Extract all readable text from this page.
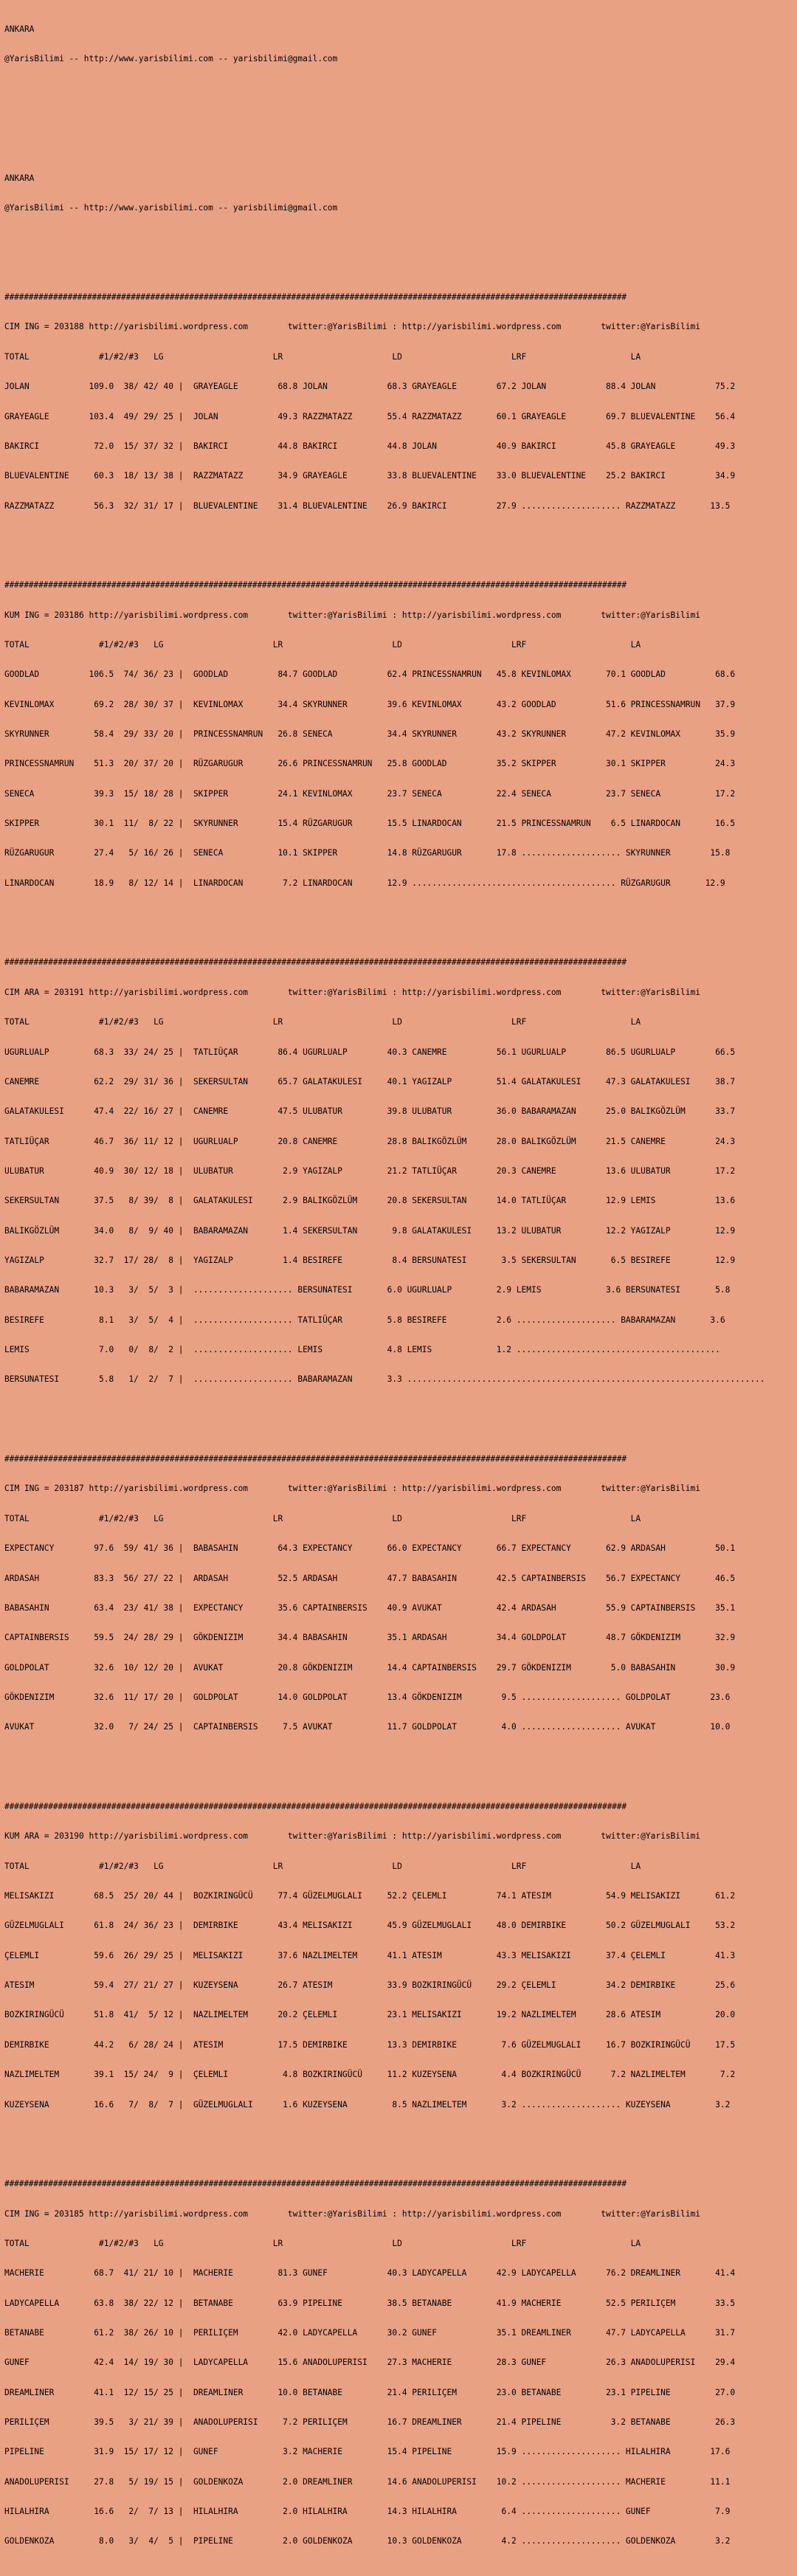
ANKARA

@YarisBilimi -- http://www.yarisbilimi.com -- yarisbilimi@gmail.com

ANKARA

@YarisBilimi -- http://www.yarisbilimi.com -- yarisbilimi@gmail.com

################################################################################################################################

CIM ING = 203188 http://yarisbilimi.wordpress.com        twitter:@YarisBilimi : http://yarisbilimi.wordpress.com        twitter:@YarisBilimi

TOTAL              #1/#2/#3   LG                      LR                      LD                      LRF                     LA

JOLAN            109.0  38/ 42/ 40 |  GRAYEAGLE        68.8 JOLAN            68.3 GRAYEAGLE        67.2 JOLAN            88.4 JOLAN            75.2

GRAYEAGLE        103.4  49/ 29/ 25 |  JOLAN            49.3 RAZZMATAZZ       55.4 RAZZMATAZZ       60.1 GRAYEAGLE        69.7 BLUEVALENTINE    56.4

BAKIRCI           72.0  15/ 37/ 32 |  BAKIRCI          44.8 BAKIRCI          44.8 JOLAN            40.9 BAKIRCI          45.8 GRAYEAGLE        49.3

BLUEVALENTINE     60.3  18/ 13/ 38 |  RAZZMATAZZ       34.9 GRAYEAGLE        33.8 BLUEVALENTINE    33.0 BLUEVALENTINE    25.2 BAKIRCI          34.9

RAZZMATAZZ        56.3  32/ 31/ 17 |  BLUEVALENTINE    31.4 BLUEVALENTINE    26.9 BAKIRCI          27.9 .................... RAZZMATAZZ       13.5

################################################################################################################################

KUM ING = 203186 http://yarisbilimi.wordpress.com        twitter:@YarisBilimi : http://yarisbilimi.wordpress.com        twitter:@YarisBilimi

TOTAL              #1/#2/#3   LG                      LR                      LD                      LRF                     LA

GOODLAD          106.5  74/ 36/ 23 |  GOODLAD          84.7 GOODLAD          62.4 PRINCESSNAMRUN   45.8 KEVINLOMAX       70.1 GOODLAD          68.6

KEVINLOMAX        69.2  28/ 30/ 37 |  KEVINLOMAX       34.4 SKYRUNNER        39.6 KEVINLOMAX       43.2 GOODLAD          51.6 PRINCESSNAMRUN   37.9

SKYRUNNER         58.4  29/ 33/ 20 |  PRINCESSNAMRUN   26.8 SENECA           34.4 SKYRUNNER        43.2 SKYRUNNER        47.2 KEVINLOMAX       35.9

PRINCESSNAMRUN    51.3  20/ 37/ 20 |  RÜZGARUGUR       26.6 PRINCESSNAMRUN   25.8 GOODLAD          35.2 SKIPPER          30.1 SKIPPER          24.3

SENECA            39.3  15/ 18/ 28 |  SKIPPER          24.1 KEVINLOMAX       23.7 SENECA           22.4 SENECA           23.7 SENECA           17.2

SKIPPER           30.1  11/  8/ 22 |  SKYRUNNER        15.4 RÜZGARUGUR       15.5 LINARDOCAN       21.5 PRINCESSNAMRUN    6.5 LINARDOCAN       16.5

RÜZGARUGUR        27.4   5/ 16/ 26 |  SENECA           10.1 SKIPPER          14.8 RÜZGARUGUR       17.8 .................... SKYRUNNER        15.8

LINARDOCAN        18.9   8/ 12/ 14 |  LINARDOCAN        7.2 LINARDOCAN       12.9 ......................................... RÜZGARUGUR       12.9

################################################################################################################################

CIM ARA = 203191 http://yarisbilimi.wordpress.com        twitter:@YarisBilimi : http://yarisbilimi.wordpress.com        twitter:@YarisBilimi

TOTAL              #1/#2/#3   LG                      LR                      LD                      LRF                     LA

UGURLUALP         68.3  33/ 24/ 25 |  TATLIÜÇAR        86.4 UGURLUALP        40.3 CANEMRE          56.1 UGURLUALP        86.5 UGURLUALP        66.5

CANEMRE           62.2  29/ 31/ 36 |  SEKERSULTAN      65.7 GALATAKULESI     40.1 YAGIZALP         51.4 GALATAKULESI     47.3 GALATAKULESI     38.7

GALATAKULESI      47.4  22/ 16/ 27 |  CANEMRE          47.5 ULUBATUR         39.8 ULUBATUR         36.0 BABARAMAZAN      25.0 BALIKGÖZLÜM      33.7

TATLIÜÇAR         46.7  36/ 11/ 12 |  UGURLUALP        20.8 CANEMRE          28.8 BALIKGÖZLÜM      28.0 BALIKGÖZLÜM      21.5 CANEMRE          24.3

ULUBATUR          40.9  30/ 12/ 18 |  ULUBATUR          2.9 YAGIZALP         21.2 TATLIÜÇAR        20.3 CANEMRE          13.6 ULUBATUR         17.2

SEKERSULTAN       37.5   8/ 39/  8 |  GALATAKULESI      2.9 BALIKGÖZLÜM      20.8 SEKERSULTAN      14.0 TATLIÜÇAR        12.9 LEMIS            13.6

BALIKGÖZLÜM       34.0   8/  9/ 40 |  BABARAMAZAN       1.4 SEKERSULTAN       9.8 GALATAKULESI     13.2 ULUBATUR         12.2 YAGIZALP         12.9

YAGIZALP          32.7  17/ 28/  8 |  YAGIZALP          1.4 BESIREFE          8.4 BERSUNATESI       3.5 SEKERSULTAN       6.5 BESIREFE         12.9

BABARAMAZAN       10.3   3/  5/  3 |  .................... BERSUNATESI       6.0 UGURLUALP         2.9 LEMIS             3.6 BERSUNATESI       5.8

BESIREFE           8.1   3/  5/  4 |  .................... TATLIÜÇAR         5.8 BESIREFE          2.6 .................... BABARAMAZAN       3.6

LEMIS              7.0   0/  8/  2 |  .................... LEMIS             4.8 LEMIS             1.2 .........................................

BERSUNATESI        5.8   1/  2/  7 |  .................... BABARAMAZAN       3.3 ........................................................................

################################################################################################################################

CIM ING = 203187 http://yarisbilimi.wordpress.com        twitter:@YarisBilimi : http://yarisbilimi.wordpress.com        twitter:@YarisBilimi

TOTAL              #1/#2/#3   LG                      LR                      LD                      LRF                     LA

EXPECTANCY        97.6  59/ 41/ 36 |  BABASAHIN        64.3 EXPECTANCY       66.0 EXPECTANCY       66.7 EXPECTANCY       62.9 ARDASAH          50.1

ARDASAH           83.3  56/ 27/ 22 |  ARDASAH          52.5 ARDASAH          47.7 BABASAHIN        42.5 CAPTAINBERSIS    56.7 EXPECTANCY       46.5

BABASAHIN         63.4  23/ 41/ 38 |  EXPECTANCY       35.6 CAPTAINBERSIS    40.9 AVUKAT           42.4 ARDASAH          55.9 CAPTAINBERSIS    35.1

CAPTAINBERSIS     59.5  24/ 28/ 29 |  GÖKDENIZIM       34.4 BABASAHIN        35.1 ARDASAH          34.4 GOLDPOLAT        48.7 GÖKDENIZIM       32.9

GOLDPOLAT         32.6  10/ 12/ 20 |  AVUKAT           20.8 GÖKDENIZIM       14.4 CAPTAINBERSIS    29.7 GÖKDENIZIM        5.0 BABASAHIN        30.9

GÖKDENIZIM        32.6  11/ 17/ 20 |  GOLDPOLAT        14.0 GOLDPOLAT        13.4 GÖKDENIZIM        9.5 .................... GOLDPOLAT        23.6

AVUKAT            32.0   7/ 24/ 25 |  CAPTAINBERSIS     7.5 AVUKAT           11.7 GOLDPOLAT         4.0 .................... AVUKAT           10.0

################################################################################################################################

KUM ARA = 203190 http://yarisbilimi.wordpress.com        twitter:@YarisBilimi : http://yarisbilimi.wordpress.com        twitter:@YarisBilimi

TOTAL              #1/#2/#3   LG                      LR                      LD                      LRF                     LA

MELISAKIZI        68.5  25/ 20/ 44 |  BOZKIRINGÜCÜ     77.4 GÜZELMUGLALI     52.2 ÇELEMLI          74.1 ATESIM           54.9 MELISAKIZI       61.2

GÜZELMUGLALI      61.8  24/ 36/ 23 |  DEMIRBIKE        43.4 MELISAKIZI       45.9 GÜZELMUGLALI     48.0 DEMIRBIKE        50.2 GÜZELMUGLALI     53.2

ÇELEMLI           59.6  26/ 29/ 25 |  MELISAKIZI       37.6 NAZLIMELTEM      41.1 ATESIM           43.3 MELISAKIZI       37.4 ÇELEMLI          41.3

ATESIM            59.4  27/ 21/ 27 |  KUZEYSENA        26.7 ATESIM           33.9 BOZKIRINGÜCÜ     29.2 ÇELEMLI          34.2 DEMIRBIKE        25.6

BOZKIRINGÜCÜ      51.8  41/  5/ 12 |  NAZLIMELTEM      20.2 ÇELEMLI          23.1 MELISAKIZI       19.2 NAZLIMELTEM      28.6 ATESIM           20.0

DEMIRBIKE         44.2   6/ 28/ 24 |  ATESIM           17.5 DEMIRBIKE        13.3 DEMIRBIKE         7.6 GÜZELMUGLALI     16.7 BOZKIRINGÜCÜ     17.5

NAZLIMELTEM       39.1  15/ 24/  9 |  ÇELEMLI           4.8 BOZKIRINGÜCÜ     11.2 KUZEYSENA         4.4 BOZKIRINGÜCÜ      7.2 NAZLIMELTEM       7.2

KUZEYSENA         16.6   7/  8/  7 |  GÜZELMUGLALI      1.6 KUZEYSENA         8.5 NAZLIMELTEM       3.2 .................... KUZEYSENA         3.2

################################################################################################################################

CIM ING = 203185 http://yarisbilimi.wordpress.com        twitter:@YarisBilimi : http://yarisbilimi.wordpress.com        twitter:@YarisBilimi

TOTAL              #1/#2/#3   LG                      LR                      LD                      LRF                     LA

MACHERIE          68.7  41/ 21/ 10 |  MACHERIE         81.3 GUNEF            40.3 LADYCAPELLA      42.9 LADYCAPELLA      76.2 DREAMLINER       41.4

LADYCAPELLA       63.8  38/ 22/ 12 |  BETANABE         63.9 PIPELINE         38.5 BETANABE         41.9 MACHERIE         52.5 PERILIÇEM        33.5

BETANABE          61.2  38/ 26/ 10 |  PERILIÇEM        42.0 LADYCAPELLA      30.2 GUNEF            35.1 DREAMLINER       47.7 LADYCAPELLA      31.7

GUNEF             42.4  14/ 19/ 30 |  LADYCAPELLA      15.6 ANADOLUPERISI    27.3 MACHERIE         28.3 GUNEF            26.3 ANADOLUPERISI    29.4

DREAMLINER        41.1  12/ 15/ 25 |  DREAMLINER       10.0 BETANABE         21.4 PERILIÇEM        23.0 BETANABE         23.1 PIPELINE         27.0

PERILIÇEM         39.5   3/ 21/ 39 |  ANADOLUPERISI     7.2 PERILIÇEM        16.7 DREAMLINER       21.4 PIPELINE          3.2 BETANABE         26.3

PIPELINE          31.9  15/ 17/ 12 |  GUNEF             3.2 MACHERIE         15.4 PIPELINE         15.9 .................... HILALHIRA        17.6

ANADOLUPERISI     27.8   5/ 19/ 15 |  GOLDENKOZA        2.0 DREAMLINER       14.6 ANADOLUPERISI    10.2 .................... MACHERIE         11.1

HILALHIRA         16.6   2/  7/ 13 |  HILALHIRA         2.0 HILALHIRA        14.3 HILALHIRA         6.4 .................... GUNEF             7.9

GOLDENKOZA         8.0   3/  4/  5 |  PIPELINE          2.0 GOLDENKOZA       10.3 GOLDENKOZA        4.2 .................... GOLDENKOZA        3.2
